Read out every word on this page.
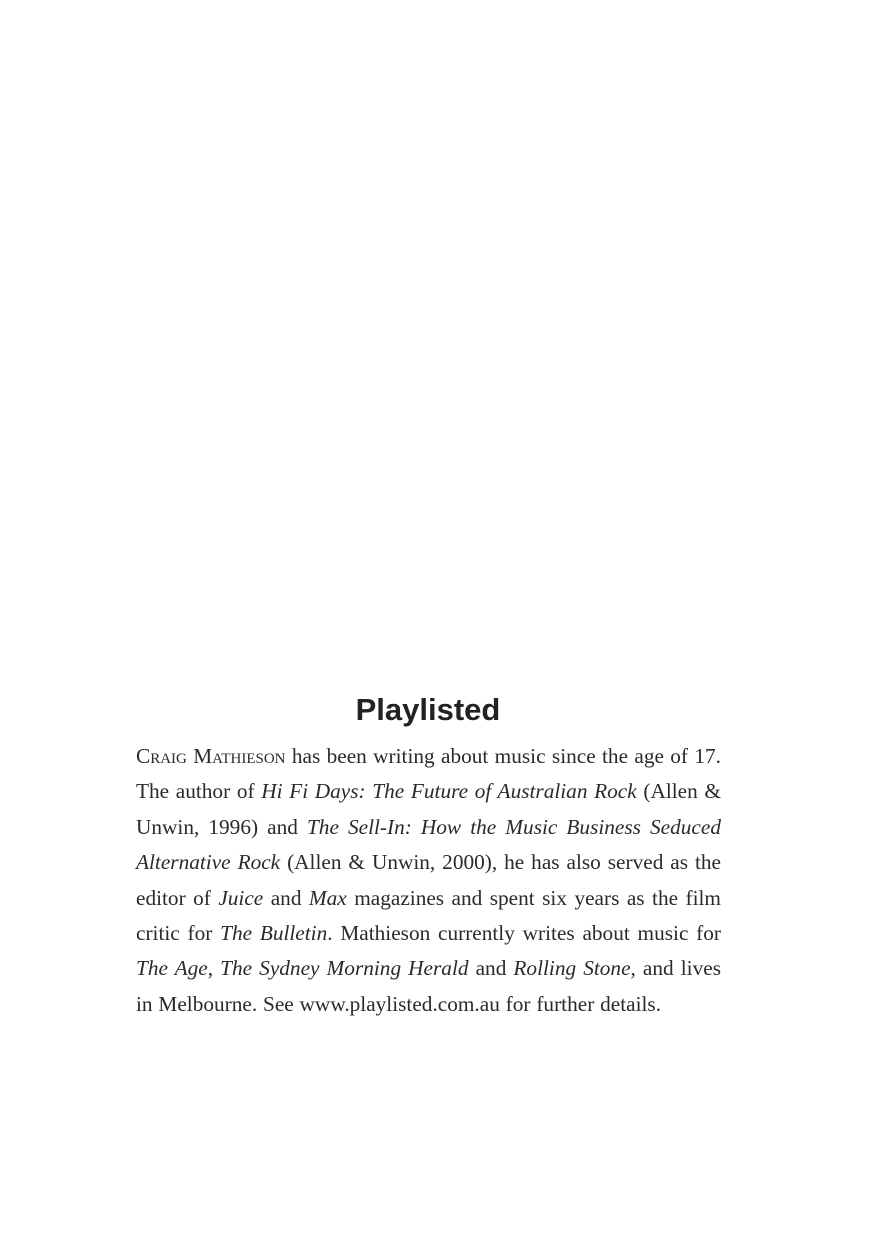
Playlisted

Craig Mathieson has been writing about music since the age of 17. The author of Hi Fi Days: The Future of Australian Rock (Allen & Unwin, 1996) and The Sell-In: How the Music Business Seduced Alternative Rock (Allen & Unwin, 2000), he has also served as the editor of Juice and Max magazines and spent six years as the film critic for The Bulletin. Mathieson currently writes about music for The Age, The Sydney Morning Herald and Rolling Stone, and lives in Melbourne. See www.playlisted.com.au for further details.
